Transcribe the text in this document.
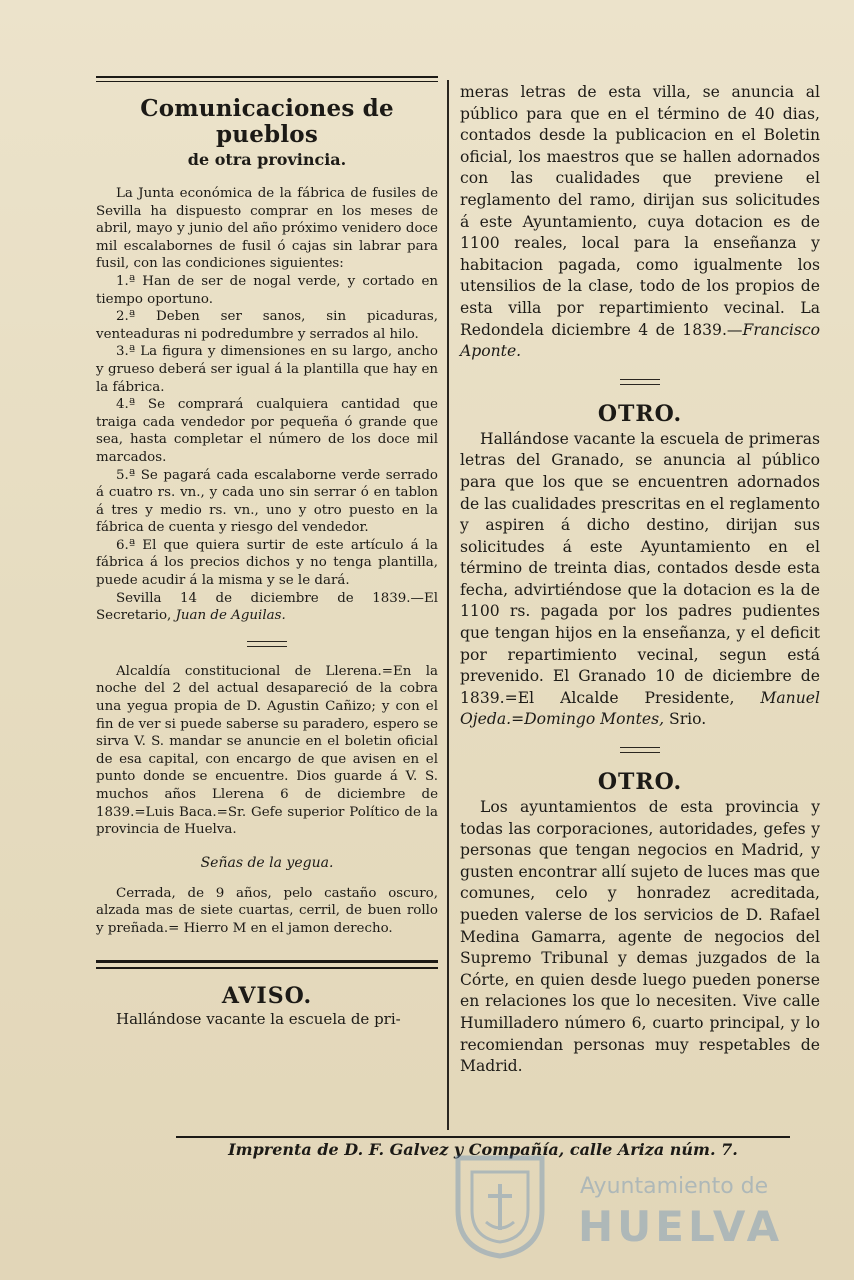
Comunicaciones de pueblos
de otra provincia.

La Junta económica de la fábrica de fusiles de Sevilla ha dispuesto comprar en los meses de abril, mayo y junio del año próximo venidero doce mil escalabornes de fusil ó cajas sin labrar para fusil, con las condiciones siguientes:

1.ª Han de ser de nogal verde, y cortado en tiempo oportuno.

2.ª Deben ser sanos, sin picaduras, venteaduras ni podredumbre y serrados al hilo.

3.ª La figura y dimensiones en su largo, ancho y grueso deberá ser igual á la plantilla que hay en la fábrica.

4.ª Se comprará cualquiera cantidad que traiga cada vendedor por pequeña ó grande que sea, hasta completar el número de los doce mil marcados.

5.ª Se pagará cada escalaborne verde serrado á cuatro rs. vn., y cada uno sin serrar ó en tablon á tres y medio rs. vn., uno y otro puesto en la fábrica de cuenta y riesgo del vendedor.

6.ª El que quiera surtir de este artículo á la fábrica á los precios dichos y no tenga plantilla, puede acudir á la misma y se le dará.

Sevilla 14 de diciembre de 1839.—El Secretario, Juan de Aguilas.

Alcaldía constitucional de Llerena.=En la noche del 2 del actual desapareció de la cobra una yegua propia de D. Agustin Cañizo; y con el fin de ver si puede saberse su paradero, espero se sirva V. S. mandar se anuncie en el boletin oficial de esa capital, con encargo de que avisen en el punto donde se encuentre. Dios guarde á V. S. muchos años Llerena 6 de diciembre de 1839.=Luis Baca.=Sr. Gefe superior Político de la provincia de Huelva.

Señas de la yegua.

Cerrada, de 9 años, pelo castaño oscuro, alzada mas de siete cuartas, cerril, de buen rollo y preñada.= Hierro M en el jamon derecho.

AVISO.

Hallándose vacante la escuela de pri-

meras letras de esta villa, se anuncia al público para que en el término de 40 dias, contados desde la publicacion en el Boletin oficial, los maestros que se hallen adornados con las cualidades que previene el reglamento del ramo, dirijan sus solicitudes á este Ayuntamiento, cuya dotacion es de 1100 reales, local para la enseñanza y habitacion pagada, como igualmente los utensilios de la clase, todo de los propios de esta villa por repartimiento vecinal. La Redondela diciembre 4 de 1839.—Francisco Aponte.

OTRO.

Hallándose vacante la escuela de primeras letras del Granado, se anuncia al público para que los que se encuentren adornados de las cualidades prescritas en el reglamento y aspiren á dicho destino, dirijan sus solicitudes á este Ayuntamiento en el término de treinta dias, contados desde esta fecha, advirtiéndose que la dotacion es la de 1100 rs. pagada por los padres pudientes que tengan hijos en la enseñanza, y el deficit por repartimiento vecinal, segun está prevenido. El Granado 10 de diciembre de 1839.=El Alcalde Presidente, Manuel Ojeda.=Domingo Montes, Srio.

OTRO.

Los ayuntamientos de esta provincia y todas las corporaciones, autoridades, gefes y personas que tengan negocios en Madrid, y gusten encontrar allí sujeto de luces mas que comunes, celo y honradez acreditada, pueden valerse de los servicios de D. Rafael Medina Gamarra, agente de negocios del Supremo Tribunal y demas juzgados de la Córte, en quien desde luego pueden ponerse en relaciones los que lo necesiten. Vive calle Humilladero número 6, cuarto principal, y lo recomiendan personas muy respetables de Madrid.

Imprenta de D. F. Galvez y Compañía, calle Ariza núm. 7.
Ayuntamiento de
HUELVA
